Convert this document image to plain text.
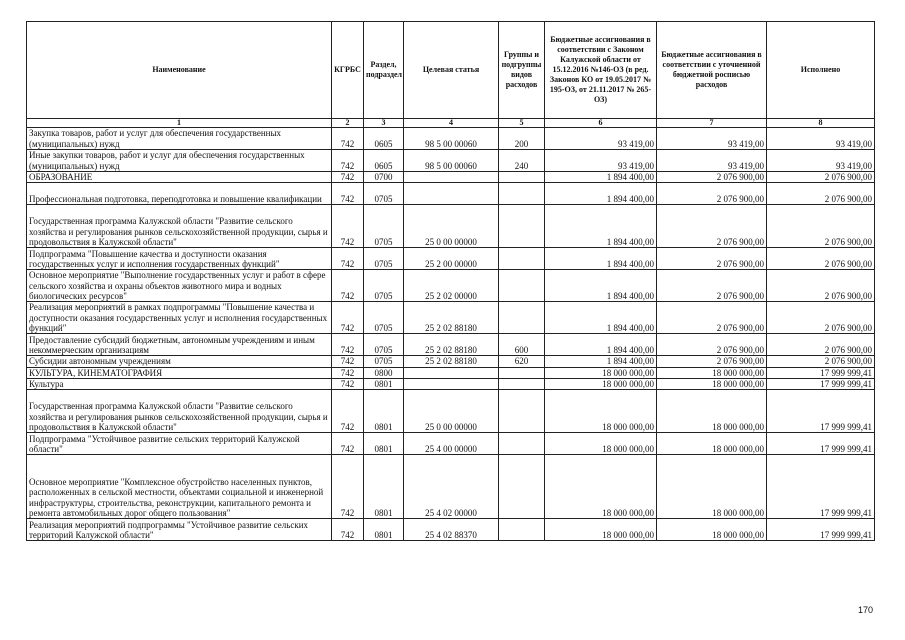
Наименование	КГРБС	Раздел, подраздел	Целевая статья	Группы и подгруппы видов расходов	Бюджетные ассигнования в соответствии с Законом Калужской области от 15.12.2016 №146-ОЗ (в ред. Законов КО от 19.05.2017 № 195-ОЗ, от 21.11.2017 № 265-ОЗ)	Бюджетные ассигнования в соответствии с уточненной бюджетной росписью расходов	Исполнено
1	2	3	4	5	6	7	8
Закупка товаров, работ и услуг для обеспечения государственных (муниципальных) нужд	742	0605	98 5 00 00060	200	93 419,00	93 419,00	93 419,00
Иные закупки товаров, работ и услуг для обеспечения государственных (муниципальных) нужд	742	0605	98 5 00 00060	240	93 419,00	93 419,00	93 419,00
ОБРАЗОВАНИЕ	742	0700			1 894 400,00	2 076 900,00	2 076 900,00
Профессиональная подготовка, переподготовка и повышение квалификации	742	0705			1 894 400,00	2 076 900,00	2 076 900,00
Государственная программа Калужской области "Развитие сельского хозяйства и регулирования рынков сельскохозяйственной продукции, сырья и продовольствия в Калужской области"	742	0705	25 0 00 00000		1 894 400,00	2 076 900,00	2 076 900,00
Подпрограмма "Повышение качества и доступности оказания государственных услуг и исполнения государственных функций"	742	0705	25 2 00 00000		1 894 400,00	2 076 900,00	2 076 900,00
Основное мероприятие "Выполнение государственных услуг и работ в сфере сельского хозяйства и охраны объектов животного мира и водных биологических ресурсов"	742	0705	25 2 02 00000		1 894 400,00	2 076 900,00	2 076 900,00
Реализация мероприятий в рамках подпрограммы "Повышение качества и доступности оказания государственных услуг и исполнения государственных функций"	742	0705	25 2 02 88180		1 894 400,00	2 076 900,00	2 076 900,00
Предоставление субсидий бюджетным, автономным учреждениям и иным некоммерческим организациям	742	0705	25 2 02 88180	600	1 894 400,00	2 076 900,00	2 076 900,00
Субсидии автономным учреждениям	742	0705	25 2 02 88180	620	1 894 400,00	2 076 900,00	2 076 900,00
КУЛЬТУРА, КИНЕМАТОГРАФИЯ	742	0800			18 000 000,00	18 000 000,00	17 999 999,41
Культура	742	0801			18 000 000,00	18 000 000,00	17 999 999,41
Государственная программа Калужской области "Развитие сельского хозяйства и регулирования рынков сельскохозяйственной продукции, сырья и продовольствия в Калужской области"	742	0801	25 0 00 00000		18 000 000,00	18 000 000,00	17 999 999,41
Подпрограмма "Устойчивое развитие сельских территорий Калужской области"	742	0801	25 4 00 00000		18 000 000,00	18 000 000,00	17 999 999,41
Основное мероприятие "Комплексное обустройство населенных пунктов, расположенных в сельской местности, объектами социальной и инженерной инфраструктуры, строительства, реконструкции, капитального ремонта и ремонта автомобильных дорог общего пользования"	742	0801	25 4 02 00000		18 000 000,00	18 000 000,00	17 999 999,41
Реализация мероприятий подпрограммы "Устойчивое развитие сельских территорий Калужской области"	742	0801	25 4 02 88370		18 000 000,00	18 000 000,00	17 999 999,41
170
